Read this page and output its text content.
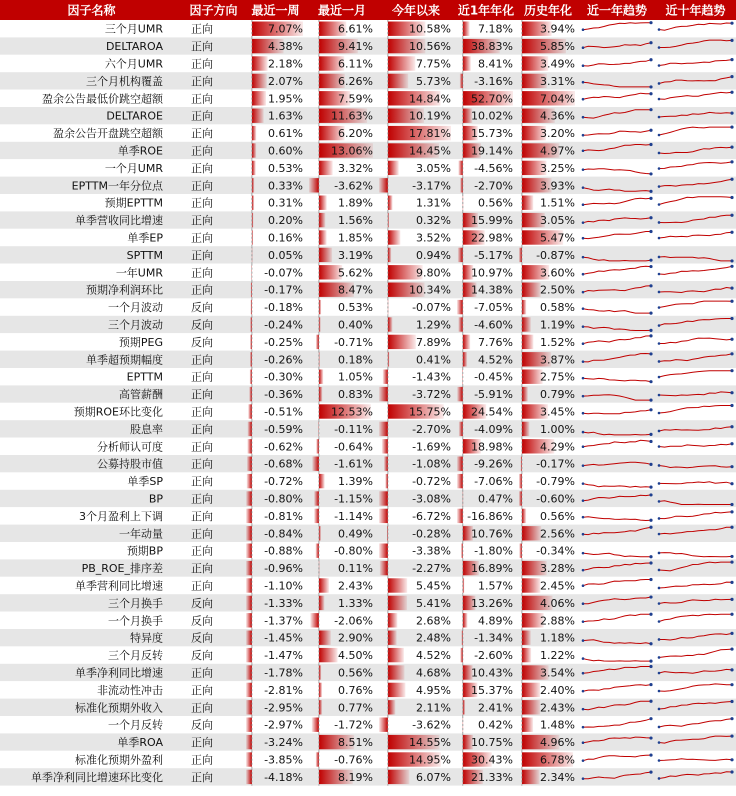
因子名称	因子方向 最近一周 最近一月 今年以来 近1年年化 历史年化 近一年趋势 近十年趋势
三个月UMR	正向	7.07%	6.61%	10.58% 7.18% 3.94%
DELTAROA	正向	4.38%	9.41%	10.56% 38.83% 5.85%
六个月UMR	正向	2.18%	6.11%	7.75% 8.41% 3.49%
三个月机构覆盖	正向	2.07%	6.26%	5.73% -3.16% 3.31%
盈余公告最低价跳空超额	正向	1.95%	7.59%	14.84% 52.70% 7.04%
DELTAROE	正向	1.63%	11.63%	10.19% 10.02% 4.36%
盈余公告开盘跳空超额	正向	0.61%	6.20%	17.81% 15.73% 3.20%
单季ROE	正向	0.60%	13.06%	14.45% 19.14% 4.97%
一个月UMR	正向	0.53%	3.32%	3.05% -4.56% 3.25%
EPTTM一年分位点	正向	0.33%	-3.62%	-3.17% -2.70% 3.93%
预期EPTTM	正向	0.31%	1.89%	1.31% 0.56% 1.51%
单季营收同比增速	正向	0.20%	1.56%	0.32% 15.99% 3.05%
单季EP	正向	0.16%	1.85%	3.52% 22.98% 5.47%
SPTTM	正向	0.05%	3.19%	0.94% -5.17% -0.87%
一年UMR	正向	-0.07%	5.62%	9.80% 10.97% 3.60%
预期净利润环比	正向	-0.17%	8.47%	10.34% 14.38% 2.50%
一个月波动	反向	-0.18%	0.53%	-0.07% -7.05% 0.58%
三个月波动	反向	-0.24%	0.40%	1.29% -4.60% 1.19%
预期PEG	反向	-0.25%	-0.71%	7.89% 7.76% 1.52%
单季超预期幅度	正向	-0.26%	0.18%	0.41% 4.52% 3.87%
EPTTM	正向	-0.30%	1.05%	-1.43% -0.45% 2.75%
高管薪酬	正向	-0.36%	0.83%	-3.72% -5.91% 0.79%
预期ROE环比变化	正向	-0.51%	12.53%	15.75% 24.54% 3.45%
股息率	正向	-0.59%	-0.11%	-2.70% -4.09% 1.00%
分析师认可度	正向	-0.62%	-0.64%	-1.69% 18.98% 4.29%
公募持股市值	正向	-0.68%	-1.61%	-1.08% -9.26% -0.17%
单季SP	正向	-0.72%	1.39%	-0.72% -7.06% -0.79%
BP	正向	-0.80%	-1.15%	-3.08% 0.47% -0.60%
3个月盈利上下调	正向	-0.81%	-1.14%	-6.72% -16.86% 0.56%
一年动量	正向	-0.84%	0.49%	-0.28% 10.76% 2.56%
预期BP	正向	-0.88%	-0.80%	-3.38% -1.80% -0.34%
PB_ROE_排序差	正向	-0.96%	0.11%	-2.27% 16.89% 3.28%
单季营利同比增速	正向	-1.10%	2.43%	5.45% 1.57% 2.45%
三个月换手	反向	-1.33%	1.33%	5.41% 13.26% 4.06%
一个月换手	反向	-1.37%	-2.06%	2.68% 4.89% 2.88%
特异度	反向	-1.45%	2.90%	2.48% -1.34% 1.18%
三个月反转	反向	-1.47%	4.50%	4.52% -2.60% 1.22%
单季净利同比增速	正向	-1.78%	0.56%	4.68% 10.43% 3.54%
非流动性冲击	正向	-2.81%	0.76%	4.95% 15.37% 2.40%
标准化预期外收入	正向	-2.95%	0.77%	2.11% 2.41% 2.43%
一个月反转	反向	-2.97%	-1.72%	-3.62% 0.42% 1.48%
单季ROA	正向	-3.24%	8.51%	14.55% 10.75% 4.96%
标准化预期外盈利	正向	-3.85%	-0.76%	14.95% 30.43% 6.78%
单季净利同比增速环比变化	正向	-4.18%	8.19%	6.07% 21.33% 2.34%
